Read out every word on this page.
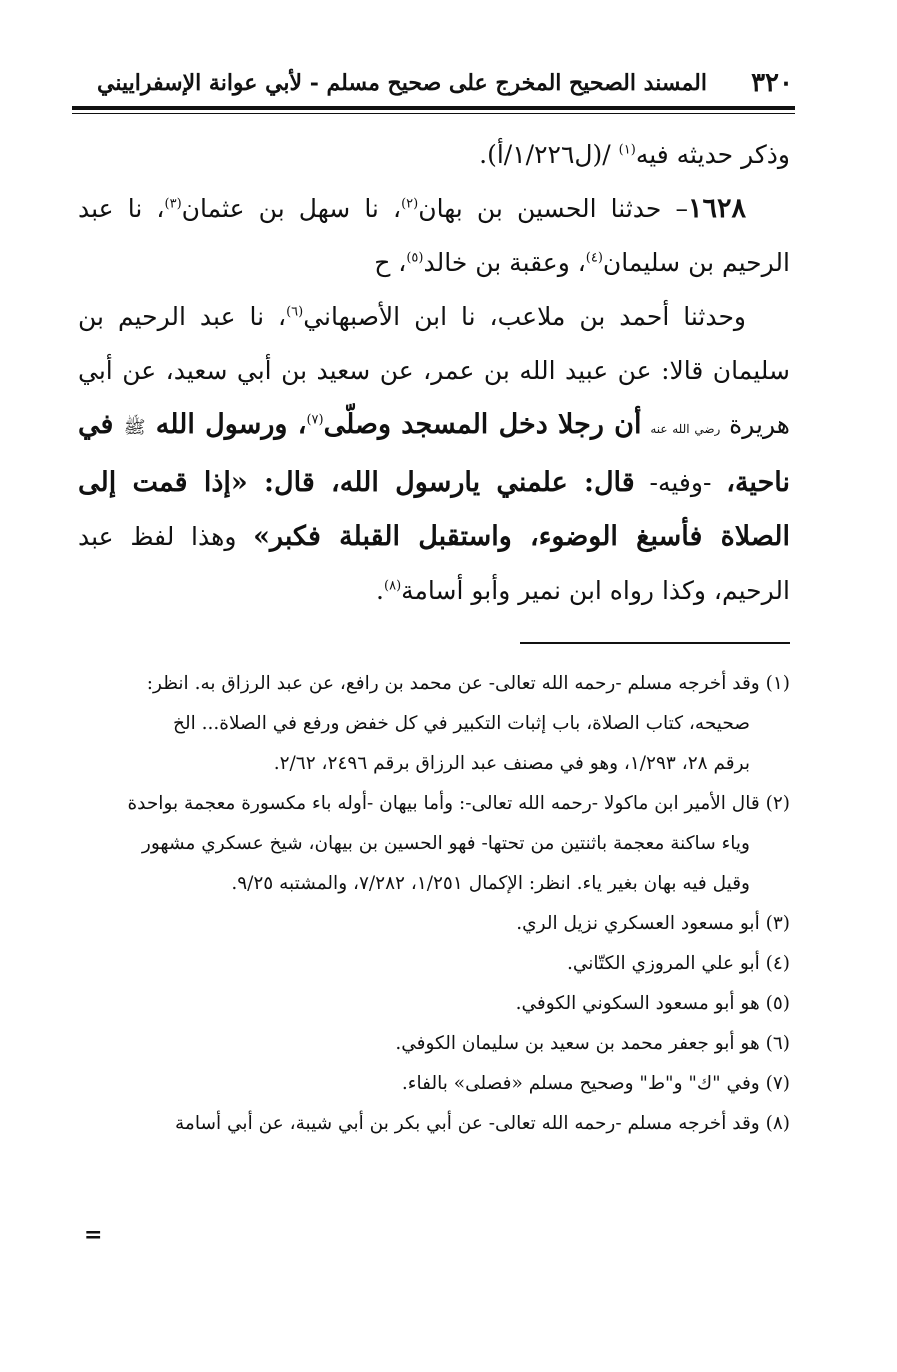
٣٢٠
المسند الصحيح المخرج على صحيح مسلم - لأبي عوانة الإسفراييني

وذكر حديثه فيه$^{(١)}$ /(ل١/٢٢٦/أ).

١٦٢٨– حدثنا الحسين بن بهان$^{(٢)}$، نا سهل بن عثمان$^{(٣)}$، نا عبد الرحيم بن سليمان$^{(٤)}$، وعقبة بن خالد$^{(٥)}$، ح

وحدثنا أحمد بن ملاعب، نا ابن الأصبهاني$^{(٦)}$، نا عبد الرحيم بن سليمان قالا: عن عبيد الله بن عمر، عن سعيد بن أبي سعيد، عن أبي هريرة رضي الله عنه أن رجلا دخل المسجد وصلّى$^{(٧)}$، ورسول الله ﷺ في ناحية، -وفيه- قال: علمني يارسول الله، قال: «إذا قمت إلى الصلاة فأسبغ الوضوء، واستقبل القبلة فكبر» وهذا لفظ عبد الرحيم، وكذا رواه ابن نمير وأبو أسامة$^{(٨)}$.

(١) وقد أخرجه مسلم -رحمه الله تعالى- عن محمد بن رافع، عن عبد الرزاق به. انظر:
صحيحه، كتاب الصلاة، باب إثبات التكبير في كل خفض ورفع في الصلاة... الخ
برقم ٢٨، ١/٢٩٣، وهو في مصنف عبد الرزاق برقم ٢٤٩٦، ٢/٦٢.
(٢) قال الأمير ابن ماكولا -رحمه الله تعالى-: وأما بيهان -أوله باء مكسورة معجمة بواحدة
وياء ساكنة معجمة باثنتين من تحتها- فهو الحسين بن بيهان، شيخ عسكري مشهور
وقيل فيه بهان بغير ياء. انظر: الإكمال ١/٢٥١، ٧/٢٨٢، والمشتبه ٩/٢٥.
(٣) أبو مسعود العسكري نزيل الري.
(٤) أبو علي المروزي الكتّاني.
(٥) هو أبو مسعود السكوني الكوفي.
(٦) هو أبو جعفر محمد بن سعيد بن سليمان الكوفي.
(٧) وفي "ك" و"ط" وصحيح مسلم «فصلى» بالفاء.
(٨) وقد أخرجه مسلم -رحمه الله تعالى- عن أبي بكر بن أبي شيبة، عن أبي أسامة
=
